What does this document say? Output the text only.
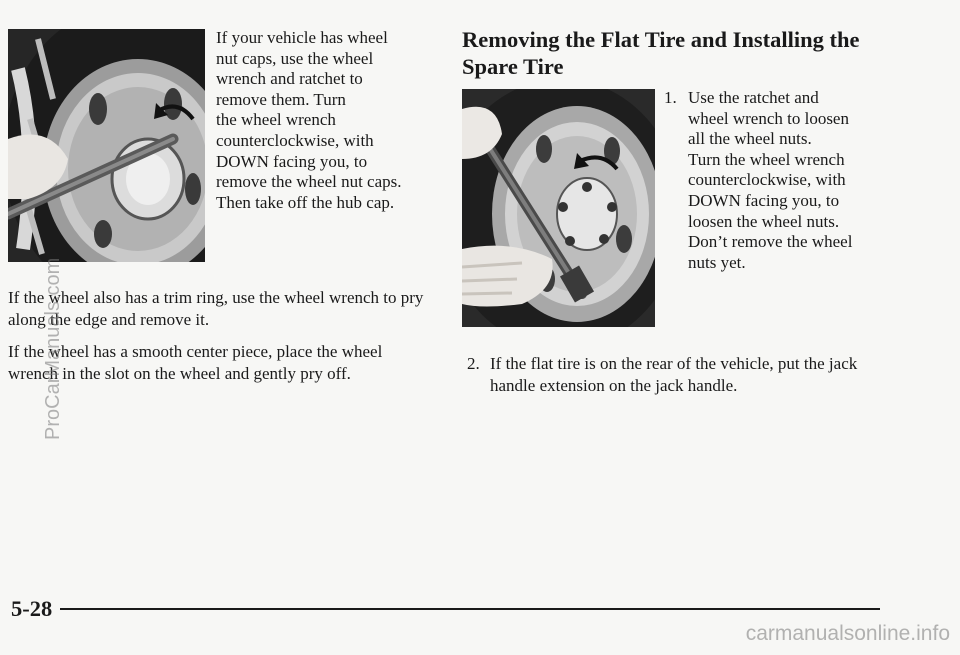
If your vehicle has wheel
nut caps, use the wheel
wrench and ratchet to
remove them. Turn
the wheel wrench
counterclockwise, with
DOWN facing you, to
remove the wheel nut caps.
Then take off the hub cap.

If the wheel also has a trim ring, use the wheel wrench to pry along the edge and remove it.

If the wheel has a smooth center piece, place the wheel wrench in the slot on the wheel and gently pry off.

Removing the Flat Tire and Installing the Spare Tire
1. Use the ratchet and
wheel wrench to loosen
all the wheel nuts.
Turn the wheel wrench
counterclockwise, with
DOWN facing you, to
loosen the wheel nuts.
Don’t remove the wheel
nuts yet.
2. If the flat tire is on the rear of the vehicle, put the jack handle extension on the jack handle.

5-28

ProCarManuals.com

carmanualsonline.info
